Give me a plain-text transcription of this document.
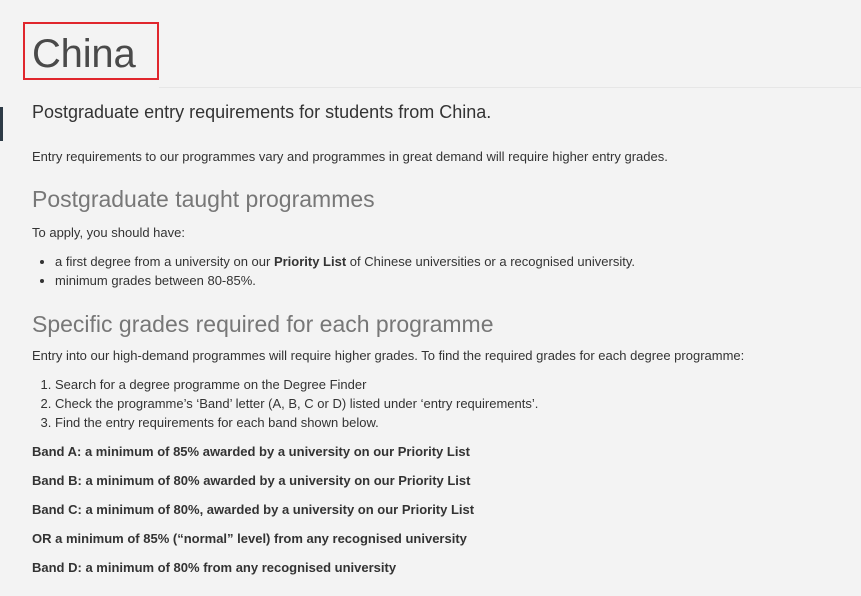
China

Postgraduate entry requirements for students from China.

Entry requirements to our programmes vary and programmes in great demand will require higher entry grades.

Postgraduate taught programmes

To apply, you should have:

• a first degree from a university on our Priority List of Chinese universities or a recognised university.
• minimum grades between 80-85%.
Specific grades required for each programme

Entry into our high-demand programmes will require higher grades. To find the required grades for each degree programme:

1. Search for a degree programme on the Degree Finder
2. Check the programme’s ‘Band’ letter (A, B, C or D) listed under ‘entry requirements’.
3. Find the entry requirements for each band shown below.

Band A: a minimum of 85% awarded by a university on our Priority List

Band B: a minimum of 80% awarded by a university on our Priority List

Band C: a minimum of 80%, awarded by a university on our Priority List

OR a minimum of 85% (“normal” level) from any recognised university

Band D: a minimum of 80% from any recognised university
